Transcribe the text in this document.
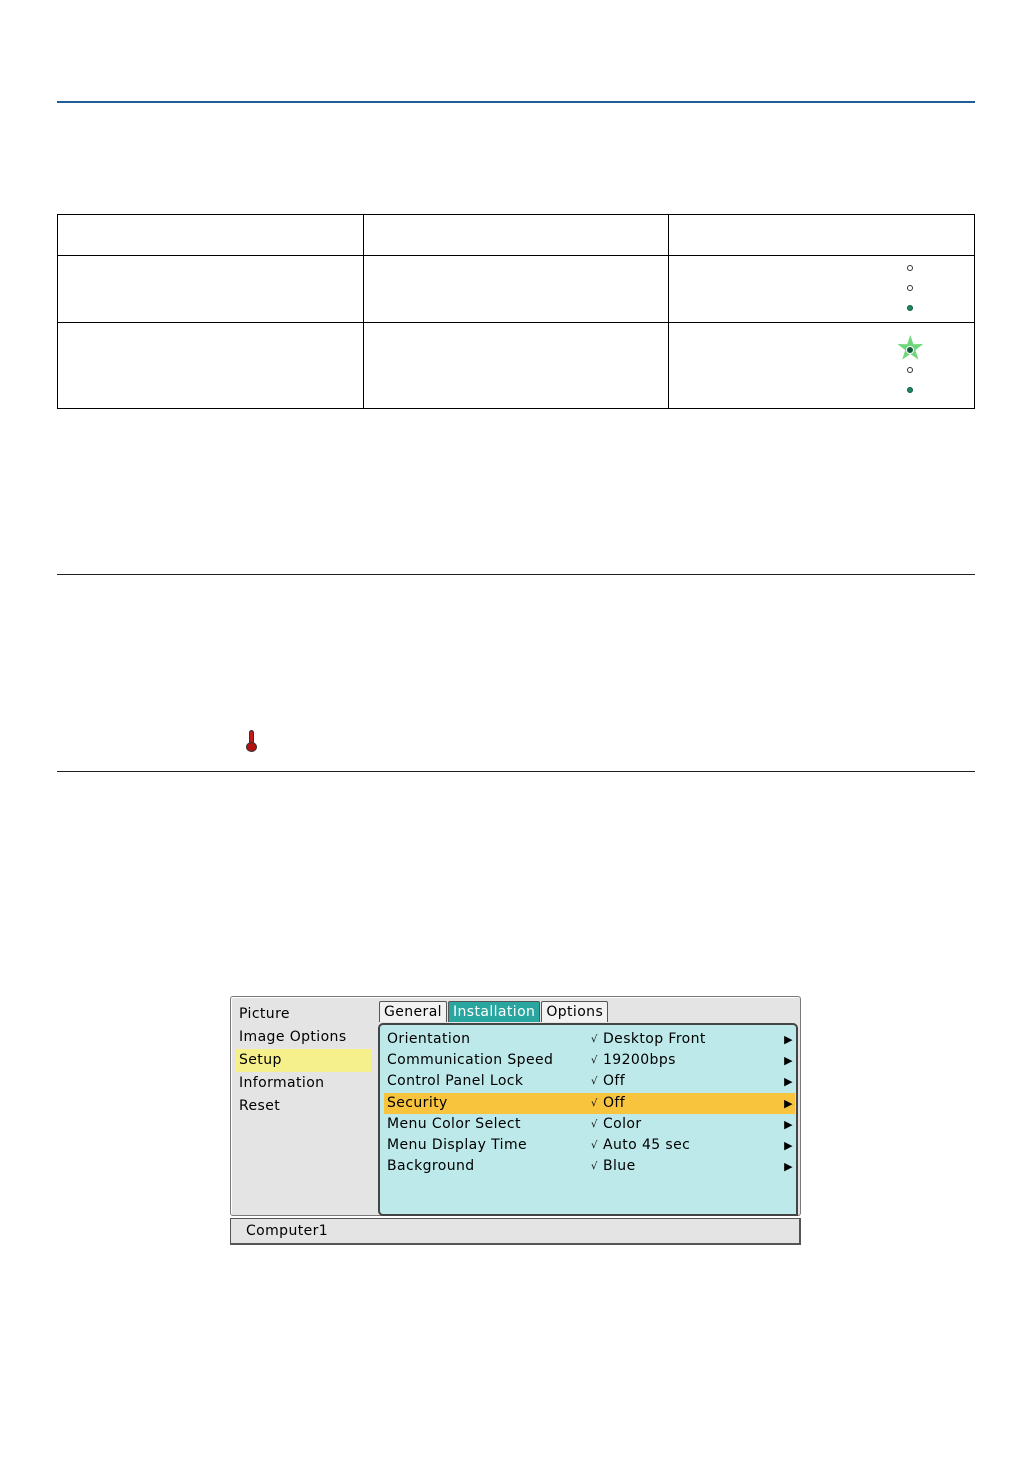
Picture
Image Options
Setup
Information
Reset
General Installation Options
Orientation	√ Desktop Front	▶
Communication Speed	√ 19200bps	▶
Control Panel Lock	√ Off	▶
Security	√ Off	▶
Menu Color Select	√ Color	▶
Menu Display Time	√ Auto 45 sec	▶
Background	√ Blue	▶
Computer1
